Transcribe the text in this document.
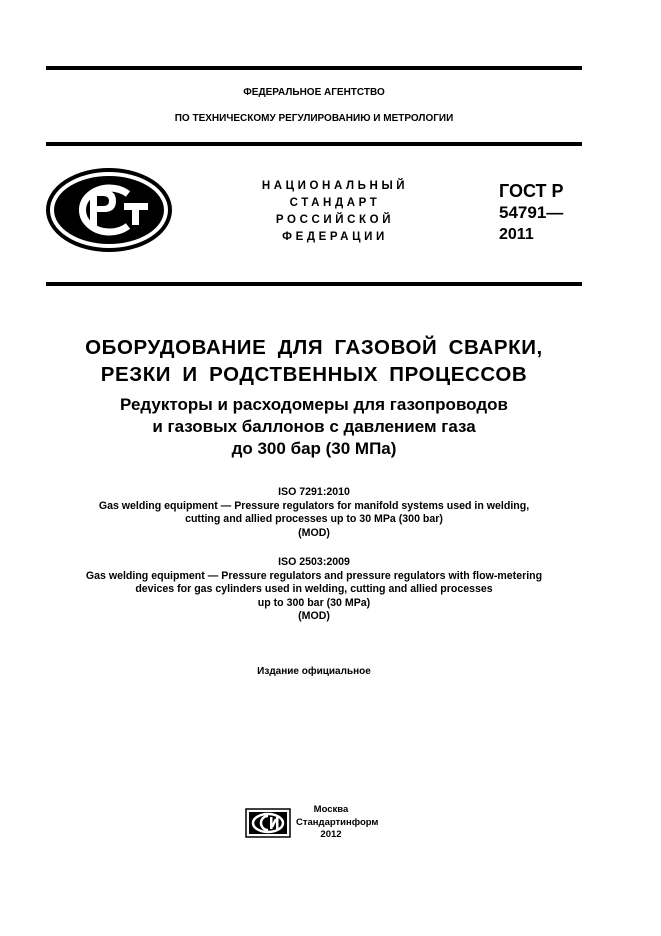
ФЕДЕРАЛЬНОЕ АГЕНТСТВО
ПО ТЕХНИЧЕСКОМУ РЕГУЛИРОВАНИЮ И МЕТРОЛОГИИ
НАЦИОНАЛЬНЫЙ
СТАНДАРТ
РОССИЙСКОЙ
ФЕДЕРАЦИИ
ГОСТ Р
54791—
2011
ОБОРУДОВАНИЕ ДЛЯ ГАЗОВОЙ СВАРКИ,
РЕЗКИ И РОДСТВЕННЫХ ПРОЦЕССОВ
Редукторы и расходомеры для газопроводов
и газовых баллонов с давлением газа
до 300 бар (30 МПа)
ISO 7291:2010
Gas welding equipment — Pressure regulators for manifold systems used in welding,
cutting and allied processes up to 30 MPa (300 bar)
(MOD)
ISO 2503:2009
Gas welding equipment — Pressure regulators and pressure regulators with flow-metering
devices for gas cylinders used in welding, cutting and allied processes
up to 300 bar (30 MPa)
(MOD)
Издание официальное
Москва
Стандартинформ
2012
